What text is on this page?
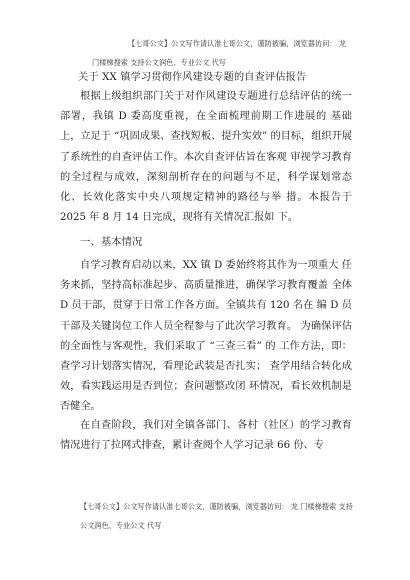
【七哥公文】公文写作请认准七哥公文，谨防被骗，浏览器访问： 龙
门楼梯搜索 支持公文润色、专业公文 代写
关于 XX 镇学习贯彻作风建设专题的自查评估报告

根据上级组织部门关于对作风建设专题进行总结评估的统一部署，我镇 D 委高度重视，在全面梳理前期工作进展的 基础上，立足于 “巩固成果、查找短板、提升实效” 的目标，组织开展了系统性的自查评估工作。本次自查评估旨在客观 审视学习教育的全过程与成效，深刻剖析存在的问题与不足，科学谋划常态化、长效化落实中央八项规定精神的路径与举 措。本报告于 2025 年 8 月 14 日完成，现将有关情况汇报如 下。

一、基本情况

自学习教育启动以来，XX 镇 D 委始终将其作为一项重大 任务来抓，坚持高标准起步、高质量推进，确保学习教育覆盖 全体 D 员干部，贯穿于日常工作各方面。全镇共有 120 名在 编 D 员干部及关键岗位工作人员全程参与了此次学习教育。 为确保评估的全面性与客观性，我们采取了 “三查三看” 的 工作方法，即：查学习计划落实情况，看理论武装是否扎实； 查学用结合转化成效，看实践运用是否到位；查问题整改闭 环情况，看长效机制是否健全。

在自查阶段，我们对全镇各部门、各村（社区）的学习教育情况进行了拉网式排查，累计查阅个人学习记录 66 份、专

【七哥公文】公文写作请认准七哥公文，谨防被骗，浏览器访问： 龙 门楼梯搜索 支持
公文润色、专业公文 代写
